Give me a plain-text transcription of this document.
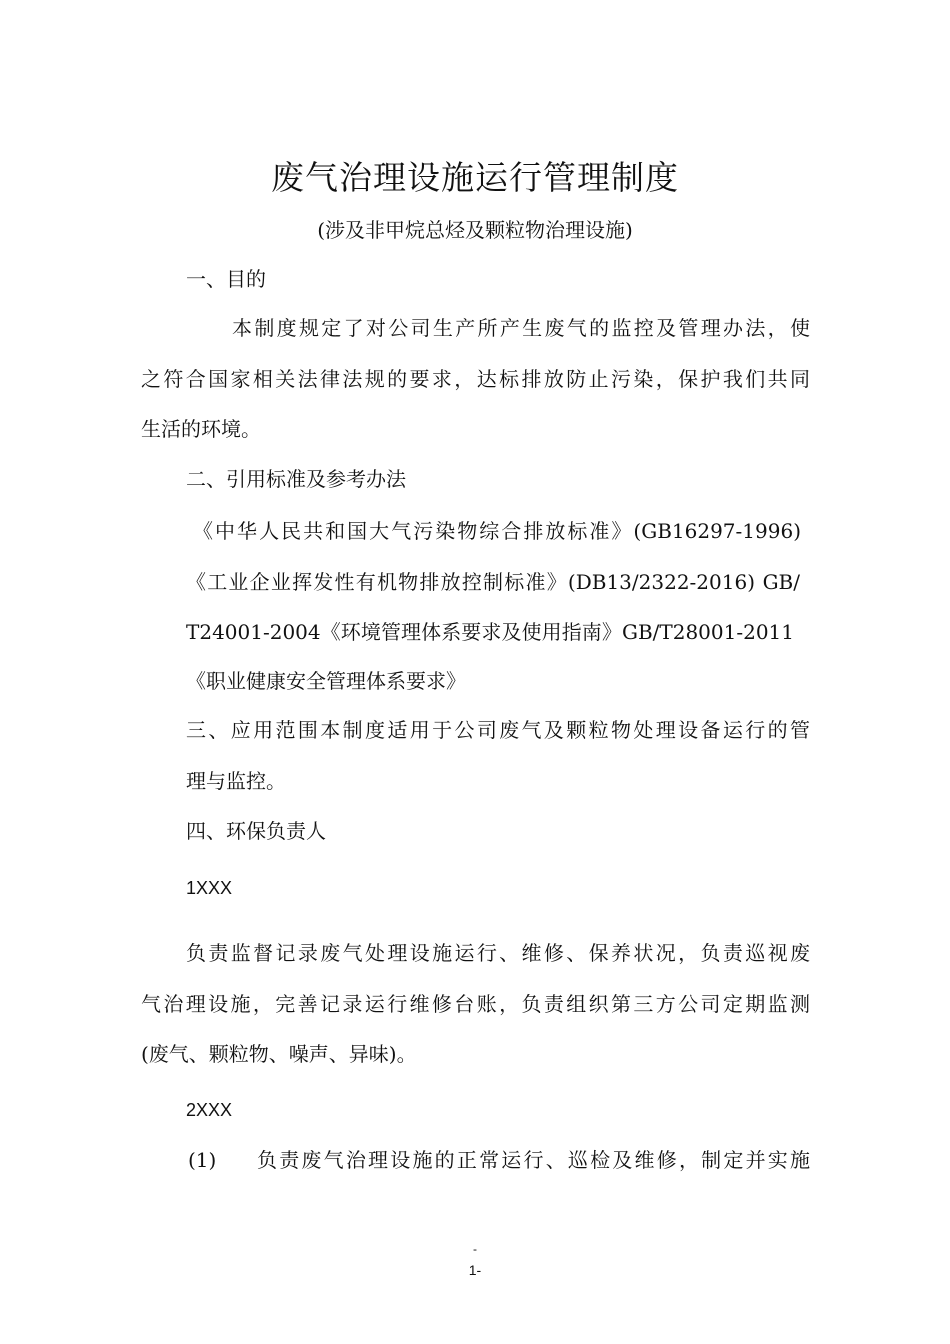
废气治理设施运行管理制度
(涉及非甲烷总烃及颗粒物治理设施)
一、目的
本制度规定了对公司生产所产生废气的监控及管理办法，使
之符合国家相关法律法规的要求，达标排放防止污染，保护我们共同
生活的环境。
二、引用标准及参考办法
《中华人民共和国大气污染物综合排放标准》(GB16297-1996)
《工业企业挥发性有机物排放控制标准》(DB13/2322-2016) GB/
T24001-2004《环境管理体系要求及使用指南》GB/T28001-2011
《职业健康安全管理体系要求》
三、应用范围本制度适用于公司废气及颗粒物处理设备运行的管
理与监控。
四、环保负责人
1XXX
负责监督记录废气处理设施运行、维修、保养状况，负责巡视废
气治理设施，完善记录运行维修台账，负责组织第三方公司定期监测
(废气、颗粒物、噪声、异味)。
2XXX
(1) 负责废气治理设施的正常运行、巡检及维修，制定并实施
-
1-
